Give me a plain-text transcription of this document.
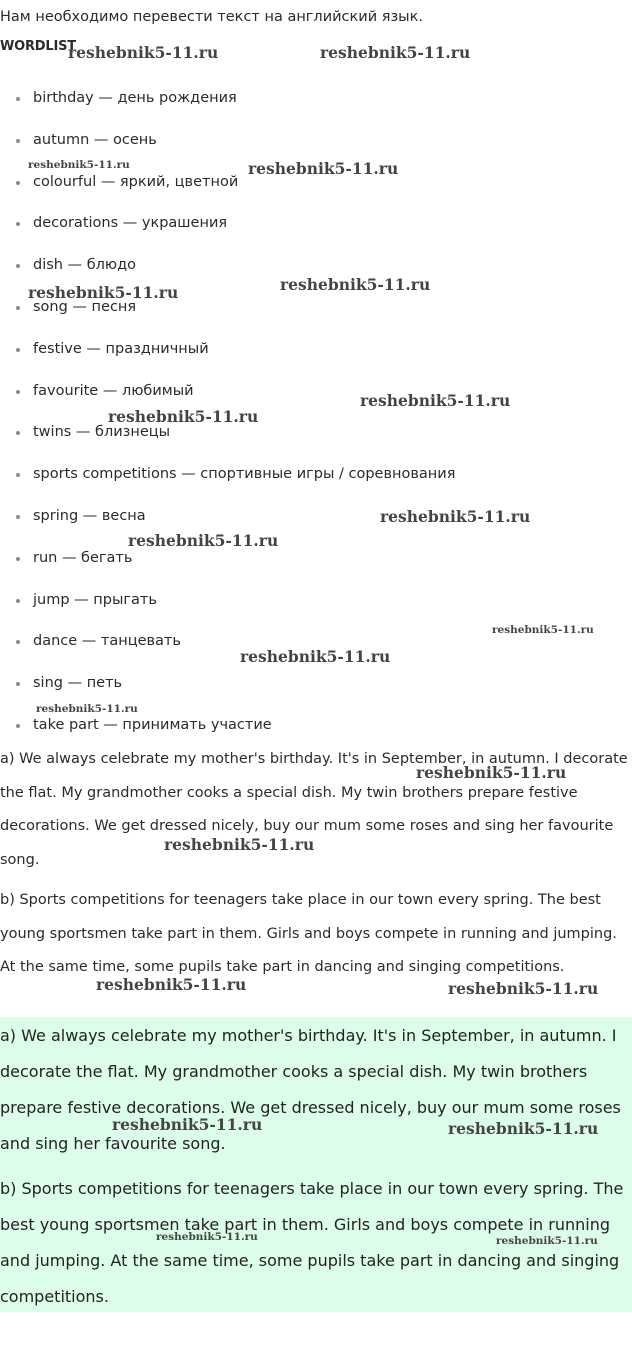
Нам необходимо перевести текст на английский язык.
WORDLIST
birthday — день рождения
autumn — осень
colourful — яркий, цветной
decorations — украшения
dish — блюдо
song — песня
festive — праздничный
favourite — любимый
twins — близнецы
sports competitions — спортивные игры / соревнования
spring — весна
run — бегать
jump — прыгать
dance — танцевать
sing — петь
take part — принимать участие

a) We always celebrate my mother's birthday. It's in September, in autumn. I decorate the flat. My grandmother cooks a special dish. My twin brothers prepare festive decorations. We get dressed nicely, buy our mum some roses and sing her favourite song.

b) Sports competitions for teenagers take place in our town every spring. The best young sportsmen take part in them. Girls and boys compete in running and jumping. At the same time, some pupils take part in dancing and singing competitions.

a) We always celebrate my mother's birthday. It's in September, in autumn. I decorate the flat. My grandmother cooks a special dish. My twin brothers prepare festive decorations. We get dressed nicely, buy our mum some roses and sing her favourite song.

b) Sports competitions for teenagers take place in our town every spring. The best young sportsmen take part in them. Girls and boys compete in running and jumping. At the same time, some pupils take part in dancing and singing competitions.

reshebnik5-11.ru	reshebnik5-11.ru
reshebnik5-11.ru	reshebnik5-11.ru
reshebnik5-11.ru	reshebnik5-11.ru
reshebnik5-11.ru
reshebnik5-11.ru
reshebnik5-11.ru
reshebnik5-11.ru
reshebnik5-11.ru
reshebnik5-11.ru
reshebnik5-11.ru
reshebnik5-11.ru
reshebnik5-11.ru
reshebnik5-11.ru	reshebnik5-11.ru
reshebnik5-11.ru	reshebnik5-11.ru
reshebnik5-11.ru	reshebnik5-11.ru
